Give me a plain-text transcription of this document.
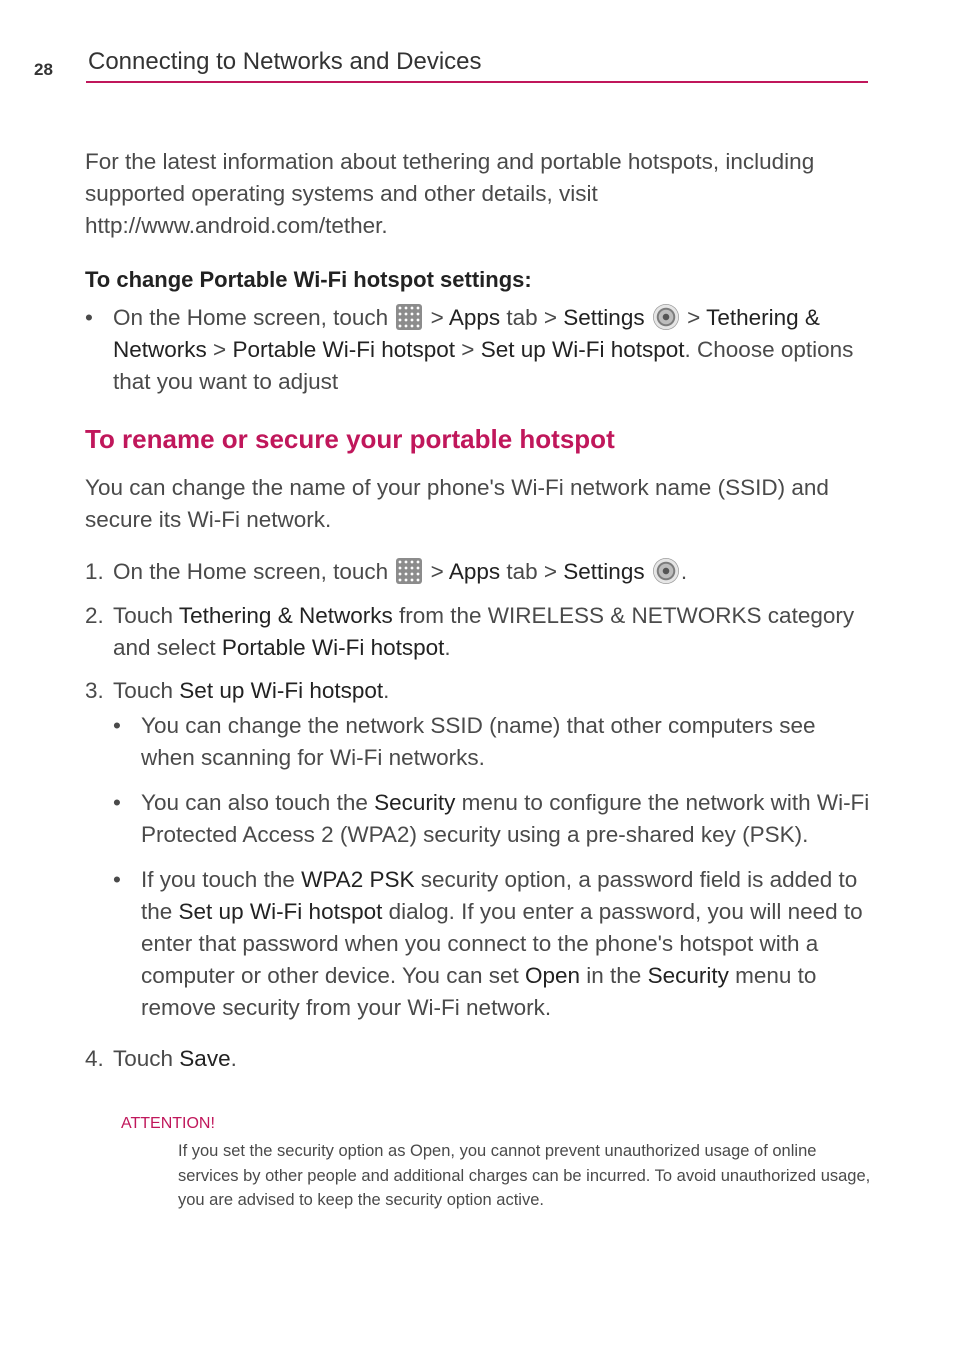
28 Connecting to Networks and Devices
For the latest information about tethering and portable hotspots, including
supported operating systems and other details, visit
http://www.android.com/tether.

To change Portable Wi-Fi hotspot settings:

• On the Home screen, touch  > Apps tab > Settings  > Tethering & Networks > Portable Wi-Fi hotspot > Set up Wi-Fi hotspot. Choose options that you want to adjust

To rename or secure your portable hotspot

You can change the name of your phone's Wi-Fi network name (SSID) and secure its Wi-Fi network.

1. On the Home screen, touch  > Apps tab > Settings .
2. Touch Tethering & Networks from the WIRELESS & NETWORKS category and select Portable Wi-Fi hotspot.
3. Touch Set up Wi-Fi hotspot.
• You can change the network SSID (name) that other computers see when scanning for Wi-Fi networks.
• You can also touch the Security menu to configure the network with Wi-Fi Protected Access 2 (WPA2) security using a pre-shared key (PSK).
• If you touch the WPA2 PSK security option, a password field is added to the Set up Wi-Fi hotspot dialog. If you enter a password, you will need to enter that password when you connect to the phone's hotspot with a computer or other device. You can set Open in the Security menu to remove security from your Wi-Fi network.
4. Touch Save.

ATTENTION!

If you set the security option as Open, you cannot prevent unauthorized usage of online services by other people and additional charges can be incurred. To avoid unauthorized usage, you are advised to keep the security option active.
